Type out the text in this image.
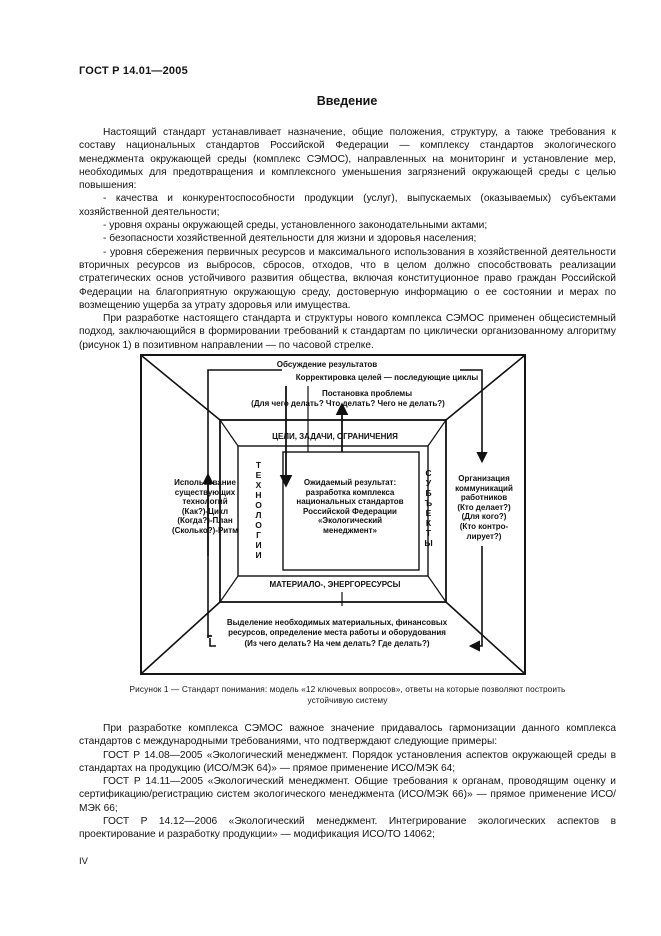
ГОСТ Р 14.01—2005
Введение

Настоящий стандарт устанавливает назначение, общие положения, структуру, а также требования к составу национальных стандартов Российской Федерации — комплексу стандартов экологического менеджмента окружающей среды (комплекс СЭМОС), направленных на мониторинг и установление мер, необходимых для предотвращения и комплексного уменьшения загрязнений окружающей среды с целью повышения:

- качества и конкурентоспособности продукции (услуг), выпускаемых (оказываемых) субъектами хозяйственной деятельности;

- уровня охраны окружающей среды, установленного законодательными актами;

- безопасности хозяйственной деятельности для жизни и здоровья населения;

- уровня сбережения первичных ресурсов и максимального использования в хозяйственной деятельности вторичных ресурсов из выбросов, сбросов, отходов, что в целом должно способствовать реализации стратегических основ устойчивого развития общества, включая конституционное право граждан Российской Федерации на благоприятную окружающую среду, достоверную информацию о ее состоянии и мерах по возмещению ущерба за утрату здоровья или имущества.

При разработке настоящего стандарта и структуры нового комплекса СЭМОС применен общесистемный подход, заключающийся в формировании требований к стандартам по циклически организованному алгоритму (рисунок 1) в позитивном направлении — по часовой стрелке.

Обсуждение результатов
Корректировка целей — последующие циклы
Постановка проблемы
(Для чего делать? Что делать? Чего не делать?)
ЦЕЛИ, ЗАДАЧИ, ОГРАНИЧЕНИЯ
МАТЕРИАЛО-, ЭНЕРГОРЕСУРСЫ
ТЕХНОЛОГИИ
СУБЪЕКТЫ
Ожидаемый результат:
разработка комплекса
национальных стандартов
Российской Федерации
«Экологический
менеджмент»
Использование
существующих
технологий
(Как?)-Цикл
(Когда?)-План
(Сколько?)-Ритм
Организация
коммуникаций
работников
(Кто делает?)
(Для кого?)
(Кто контро-
лирует?)
Выделение необходимых материальных, финансовых
ресурсов, определение места работы и оборудования
(Из чего делать? На чем делать? Где делать?)
Рисунок 1 — Стандарт понимания: модель «12 ключевых вопросов», ответы на которые позволяют построить
устойчивую систему

При разработке комплекса СЭМОС важное значение придавалось гармонизации данного комплекса стандартов с международными требованиями, что подтверждают следующие примеры:

ГОСТ Р 14.08—2005 «Экологический менеджмент. Порядок установления аспектов окружающей среды в стандартах на продукцию (ИСО/МЭК 64)» — прямое применение ИСО/МЭК 64;

ГОСТ Р 14.11—2005 «Экологический менеджмент. Общие требования к органам, проводящим оценку и сертификацию/регистрацию систем экологического менеджмента (ИСО/МЭК 66)» — прямое применение ИСО/МЭК 66;

ГОСТ Р 14.12—2006 «Экологический менеджмент. Интегрирование экологических аспектов в проектирование и разработку продукции» — модификация ИСО/ТО 14062;

IV
